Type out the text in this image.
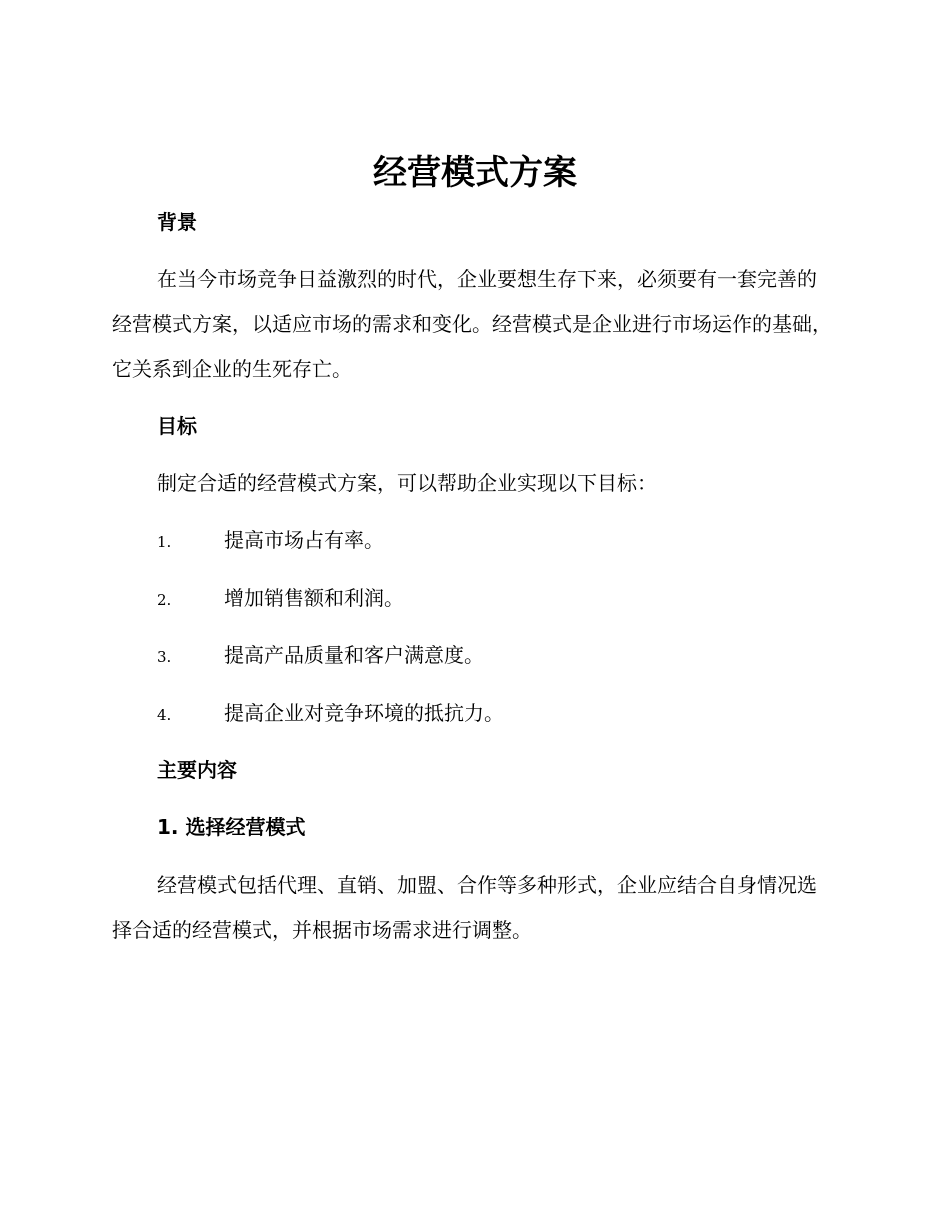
经营模式方案
背景

在当今市场竞争日益激烈的时代，企业要想生存下来，必须要有一套完善的经营模式方案，以适应市场的需求和变化。经营模式是企业进行市场运作的基础，它关系到企业的生死存亡。

目标

制定合适的经营模式方案，可以帮助企业实现以下目标：

1.	提高市场占有率。
2.	增加销售额和利润。
3.	提高产品质量和客户满意度。
4.	提高企业对竞争环境的抵抗力。
主要内容
1. 选择经营模式

经营模式包括代理、直销、加盟、合作等多种形式，企业应结合自身情况选择合适的经营模式，并根据市场需求进行调整。
